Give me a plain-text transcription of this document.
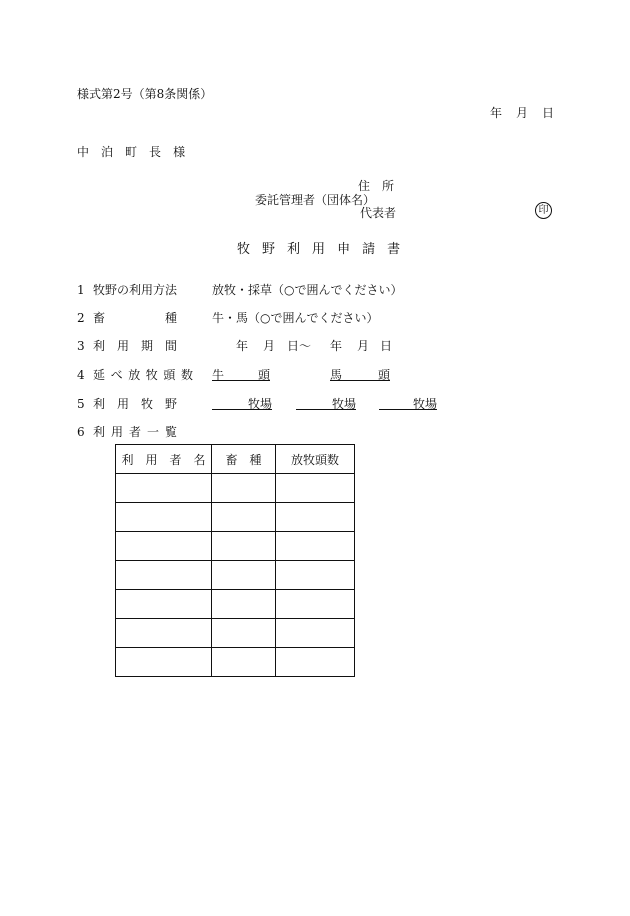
様式第2号（第8条関係）
年 月 日
中 泊 町 長 様
住　所
委託管理者（団体名）
代表者	印
牧 野 利 用 申 請 書
1 牧野の利用方法	放牧・採草（○で囲んでください）
2 畜	種	牛・馬（○で囲んでください）
3 利 用 期 間	年 月 日～ 年 月 日
4 延 べ 放 牧 頭 数 牛	頭	馬	頭
5 利 用 牧 野	牧場	牧場	牧場
6 利 用 者 一 覧
利　用　者　名	畜　種	放牧頭数
